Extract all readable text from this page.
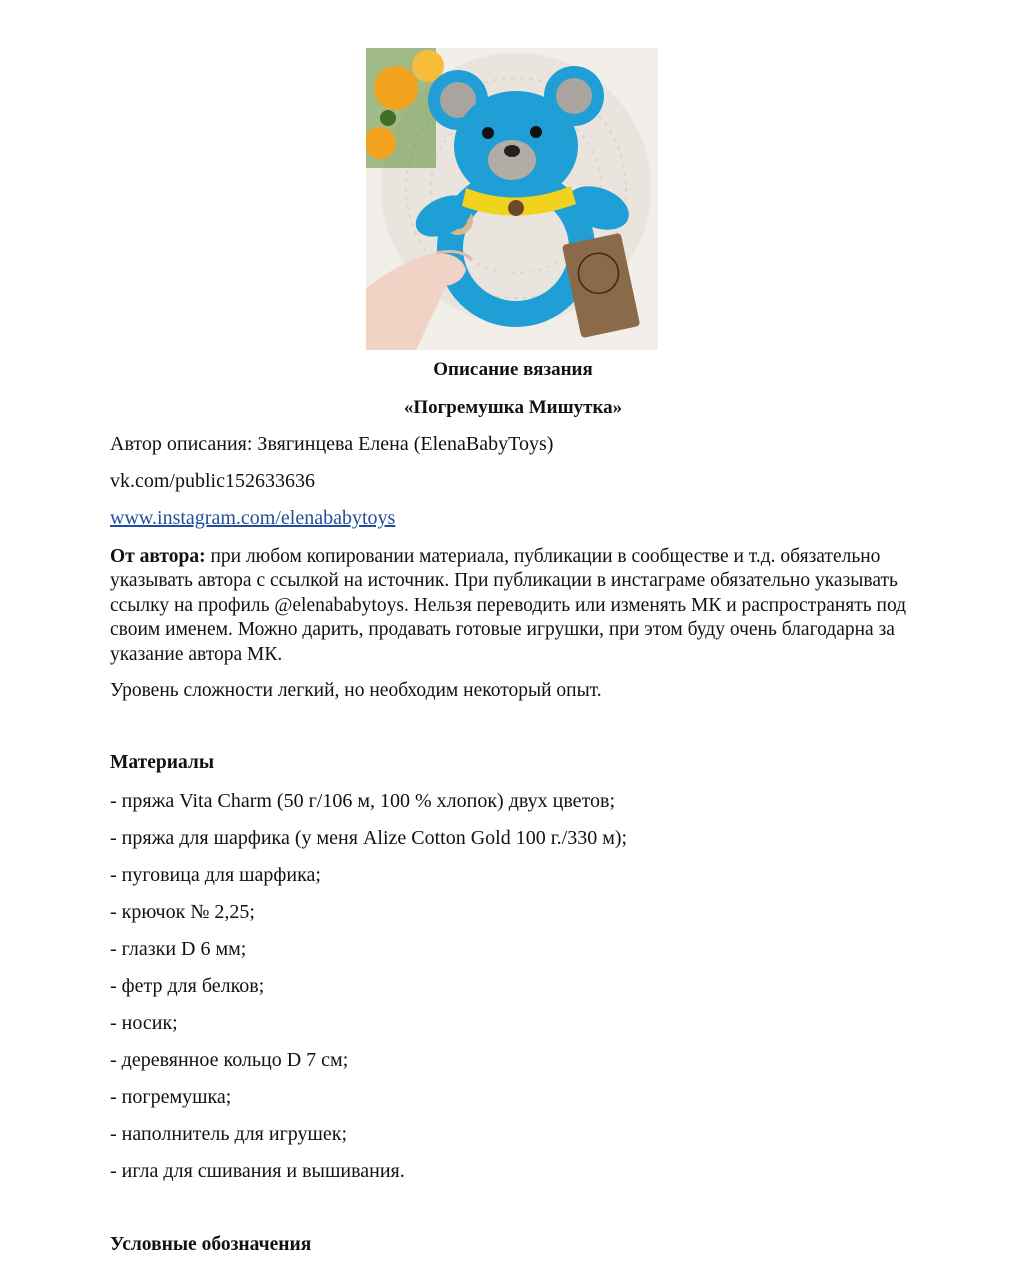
Описание вязания
«Погремушка Мишутка»
Автор описания: Звягинцева Елена (ElenaBabyToys)
vk.com/public152633636
www.instagram.com/elenababytoys
От автора: при любом копировании материала, публикации в сообществе и т.д. обязательно указывать автора с ссылкой на источник. При публикации в инстаграме обязательно указывать ссылку на профиль @elenababytoys. Нельзя переводить или изменять МК и распространять под своим именем. Можно дарить, продавать готовые игрушки, при этом буду очень благодарна за указание автора МК.
Уровень сложности легкий, но необходим некоторый опыт.
Материалы
- пряжа Vita Charm (50 г/106 м, 100 % хлопок) двух цветов;
- пряжа для шарфика (у меня Alize Cotton Gold 100 г./330 м);
- пуговица для шарфика;
- крючок № 2,25;
- глазки D 6 мм;
- фетр для белков;
- носик;
- деревянное кольцо D 7 см;
- погремушка;
- наполнитель для игрушек;
- игла для сшивания и вышивания.
Условные обозначения
